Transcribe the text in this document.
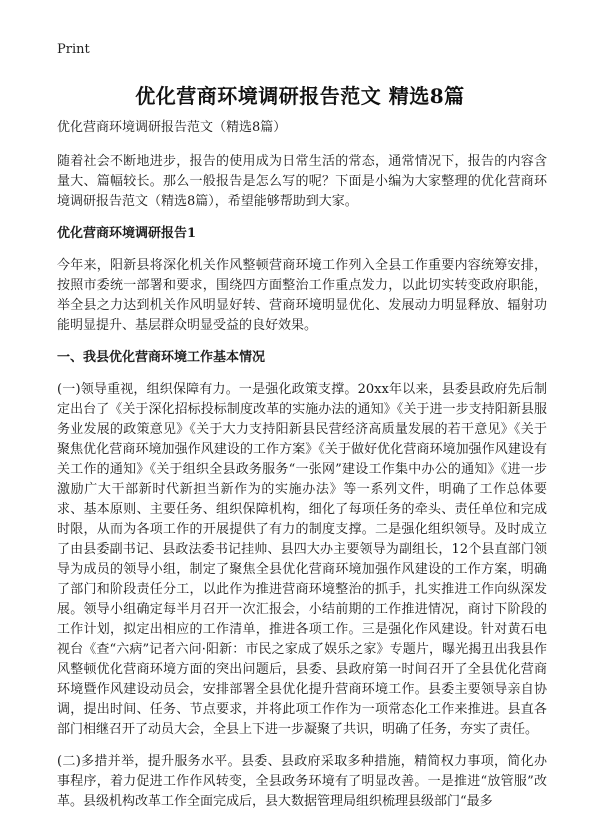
Print
优化营商环境调研报告范文 精选8篇

优化营商环境调研报告范文（精选8篇）

随着社会不断地进步，报告的使用成为日常生活的常态，通常情况下，报告的内容含量大、篇幅较长。那么一般报告是怎么写的呢？下面是小编为大家整理的优化营商环境调研报告范文（精选8篇），希望能够帮助到大家。

优化营商环境调研报告1

今年来，阳新县将深化机关作风整顿营商环境工作列入全县工作重要内容统筹安排，按照市委统一部署和要求，围绕四方面整治工作重点发力，以此切实转变政府职能，举全县之力达到机关作风明显好转、营商环境明显优化、发展动力明显释放、辐射功能明显提升、基层群众明显受益的良好效果。

一、我县优化营商环境工作基本情况

(一)领导重视，组织保障有力。一是强化政策支撑。20xx年以来，县委县政府先后制定出台了《关于深化招标投标制度改革的实施办法的通知》《关于进一步支持阳新县服务业发展的政策意见》《关于大力支持阳新县民营经济高质量发展的若干意见》《关于聚焦优化营商环境加强作风建设的工作方案》《关于做好优化营商环境加强作风建设有关工作的通知》《关于组织全县政务服务“一张网”建设工作集中办公的通知》《进一步激励广大干部新时代新担当新作为的实施办法》等一系列文件，明确了工作总体要求、基本原则、主要任务、组织保障机构，细化了每项任务的牵头、责任单位和完成时限，从而为各项工作的开展提供了有力的制度支撑。二是强化组织领导。及时成立了由县委副书记、县政法委书记挂帅、县四大办主要领导为副组长，12个县直部门领导为成员的领导小组，制定了聚焦全县优化营商环境加强作风建设的工作方案，明确了部门和阶段责任分工，以此作为推进营商环境整治的抓手，扎实推进工作向纵深发展。领导小组确定每半月召开一次汇报会，小结前期的工作推进情况，商讨下阶段的工作计划，拟定出相应的工作清单，推进各项工作。三是强化作风建设。针对黄石电视台《查“六病”记者六问·阳新：市民之家成了娱乐之家》专题片，曝光揭丑出我县作风整顿优化营商环境方面的突出问题后，县委、县政府第一时间召开了全县优化营商环境暨作风建设动员会，安排部署全县优化提升营商环境工作。县委主要领导亲自协调，提出时间、任务、节点要求，并将此项工作作为一项常态化工作来推进。县直各部门相继召开了动员大会，全县上下进一步凝聚了共识，明确了任务，夯实了责任。

(二)多措并举，提升服务水平。县委、县政府采取多种措施，精简权力事项，简化办事程序，着力促进工作作风转变，全县政务环境有了明显改善。一是推进“放管服”改革。县级机构改革工作全面完成后，县大数据管理局组织梳理县级部门“最多
